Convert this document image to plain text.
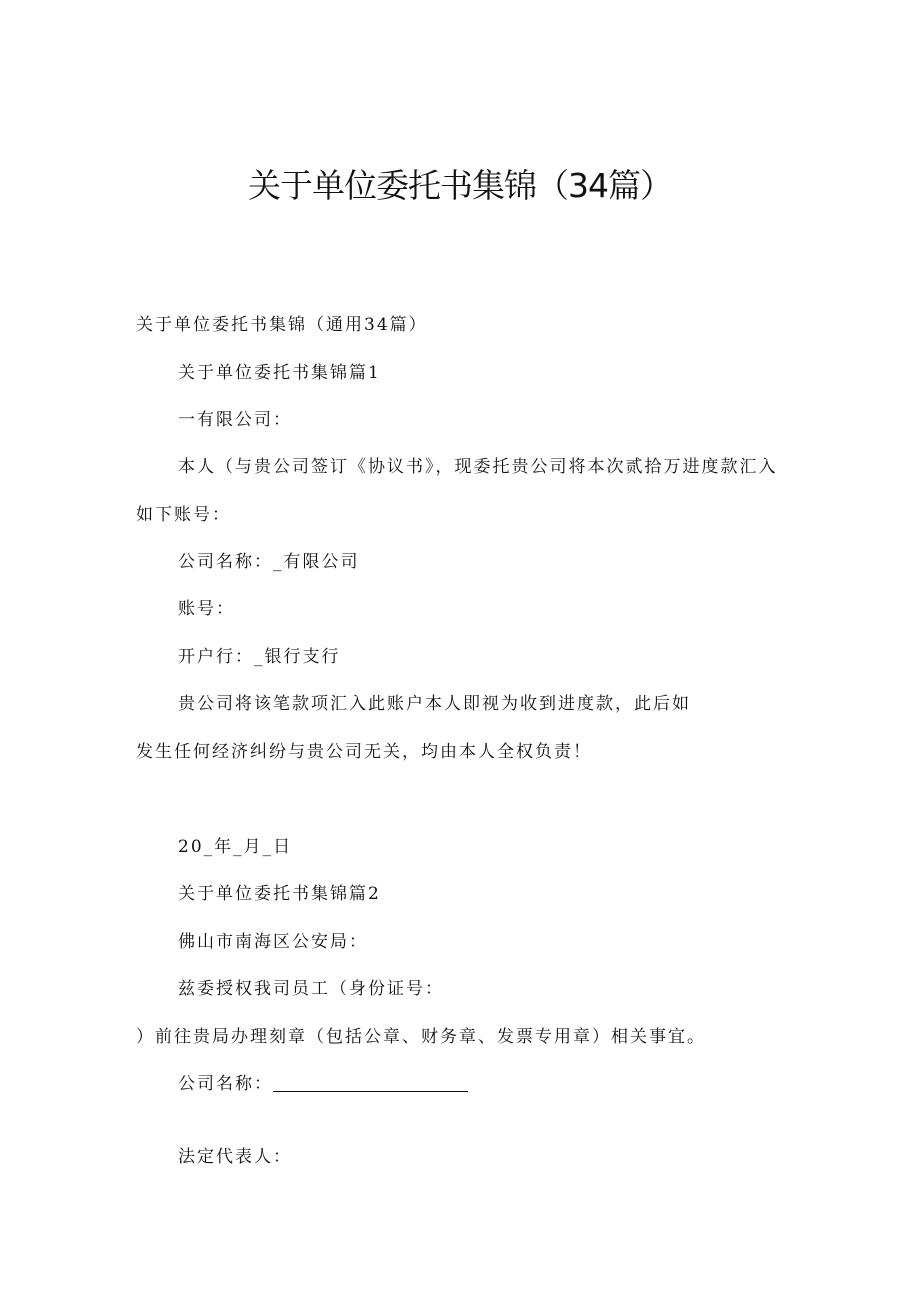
关于单位委托书集锦（34篇）
关于单位委托书集锦（通用34篇）
关于单位委托书集锦篇1
一有限公司：
本人（与贵公司签订《协议书》，现委托贵公司将本次贰拾万进度款汇入
如下账号：
公司名称：_有限公司
账号：
开户行：_银行支行
贵公司将该笔款项汇入此账户本人即视为收到进度款，此后如
发生任何经济纠纷与贵公司无关，均由本人全权负责！
20_年_月_日
关于单位委托书集锦篇2
佛山市南海区公安局：
兹委授权我司员工（身份证号：
）前往贵局办理刻章（包括公章、财务章、发票专用章）相关事宜。
公司名称：
法定代表人：
